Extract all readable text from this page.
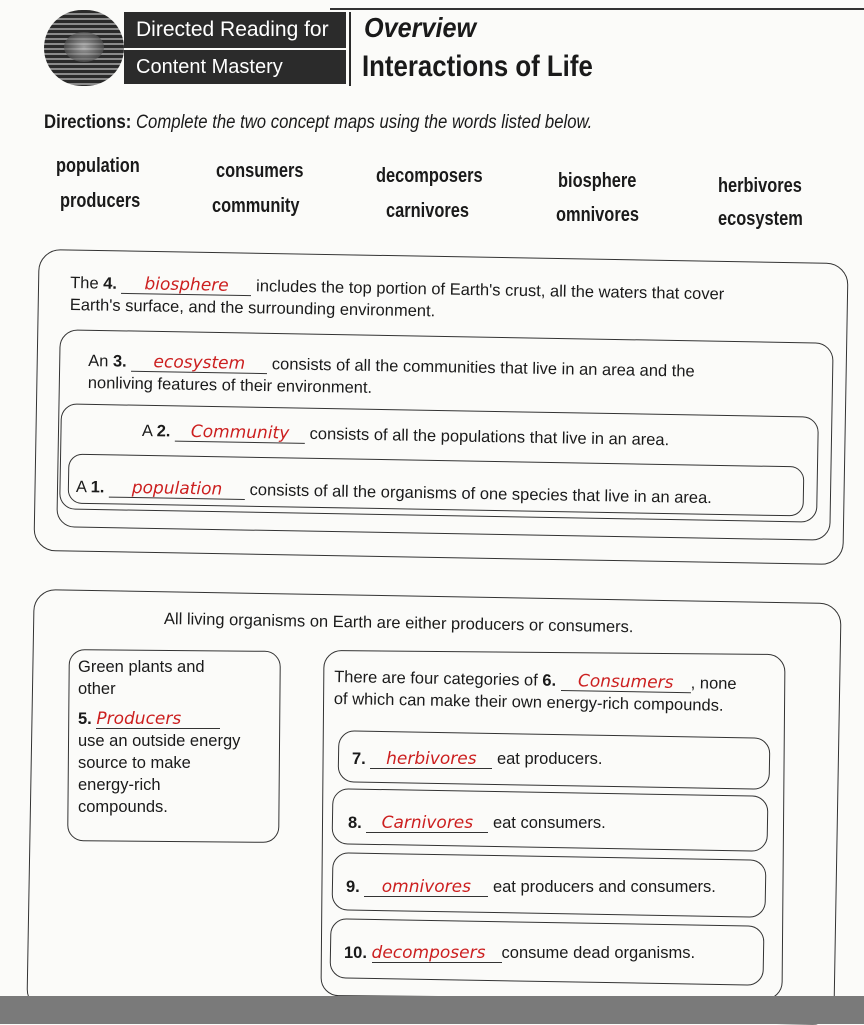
Directed Reading for
Content Mastery
Overview
Interactions of Life
Directions: Complete the two concept maps using the words listed below.
population	consumers	decomposers	biosphere	herbivores
producers	community	carnivores	omnivores	ecosystem
The 4. biosphere includes the top portion of Earth's crust, all the waters that cover
Earth's surface, and the surrounding environment.
An 3. ecosystem consists of all the communities that live in an area and the
nonliving features of their environment.
A 2. Community consists of all the populations that live in an area.
A 1. population consists of all the organisms of one species that live in an area.
All living organisms on Earth are either producers or consumers.
Green plants and
other
5. Producers
use an outside energy
source to make
energy-rich
compounds.
There are four categories of 6. Consumers , none
of which can make their own energy-rich compounds.
7. herbivores eat producers.
8. Carnivores eat consumers.
9. omnivores eat producers and consumers.
10. decomposers consume dead organisms.
